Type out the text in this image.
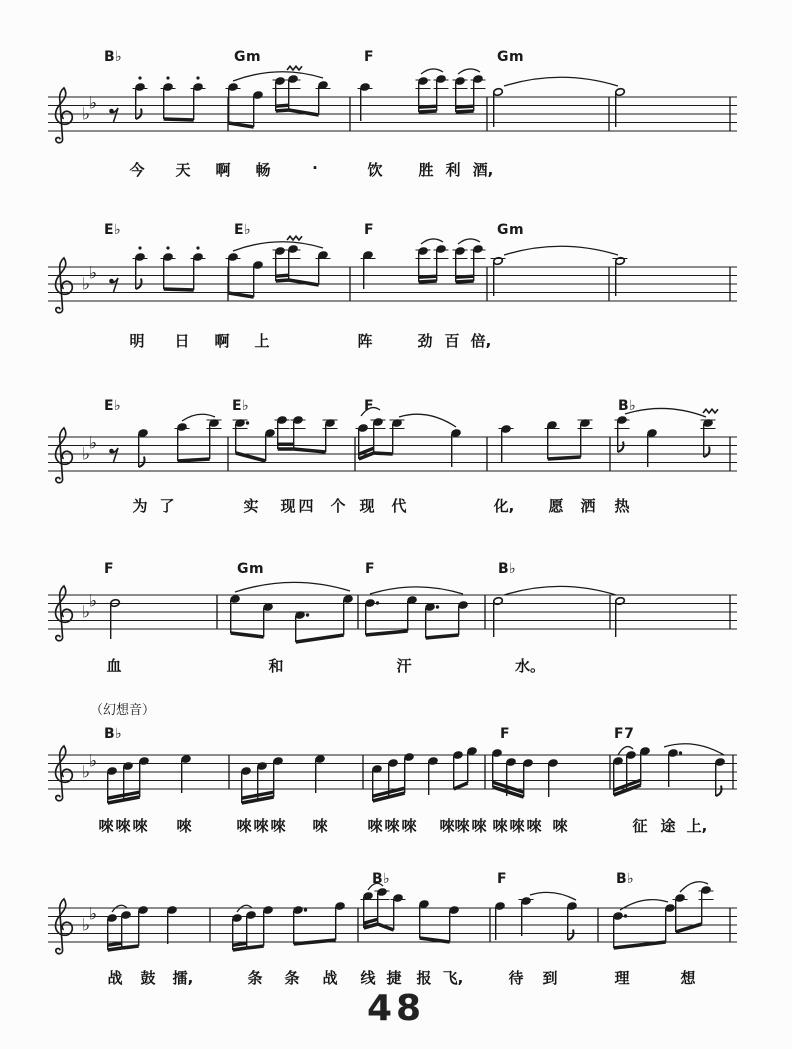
B♭	Gm	F	Gm
♭
♭
今 天 啊 畅	·	饮 胜 利 酒,
E♭	E♭	F	Gm
♭
♭
明 日 啊 上	阵	劲 百 倍,
E♭	E♭	F	B♭
♭
♭
为 了	实 现 四 个 现 代	化, 愿 洒 热
F	Gm	F	B♭
♭
♭
血	和	汗	水。
B♭	F	F7
（幻想音）
♭
♭
唻 唻 唻 唻	唻 唻 唻 唻	唻 唻 唻 唻 唻 唻 唻 唻 唻 唻	征 途 上,
B♭	F	B♭
♭
♭
战 鼓 擂,	条 条 战 线 捷 报 飞,	待 到	理	想
48
